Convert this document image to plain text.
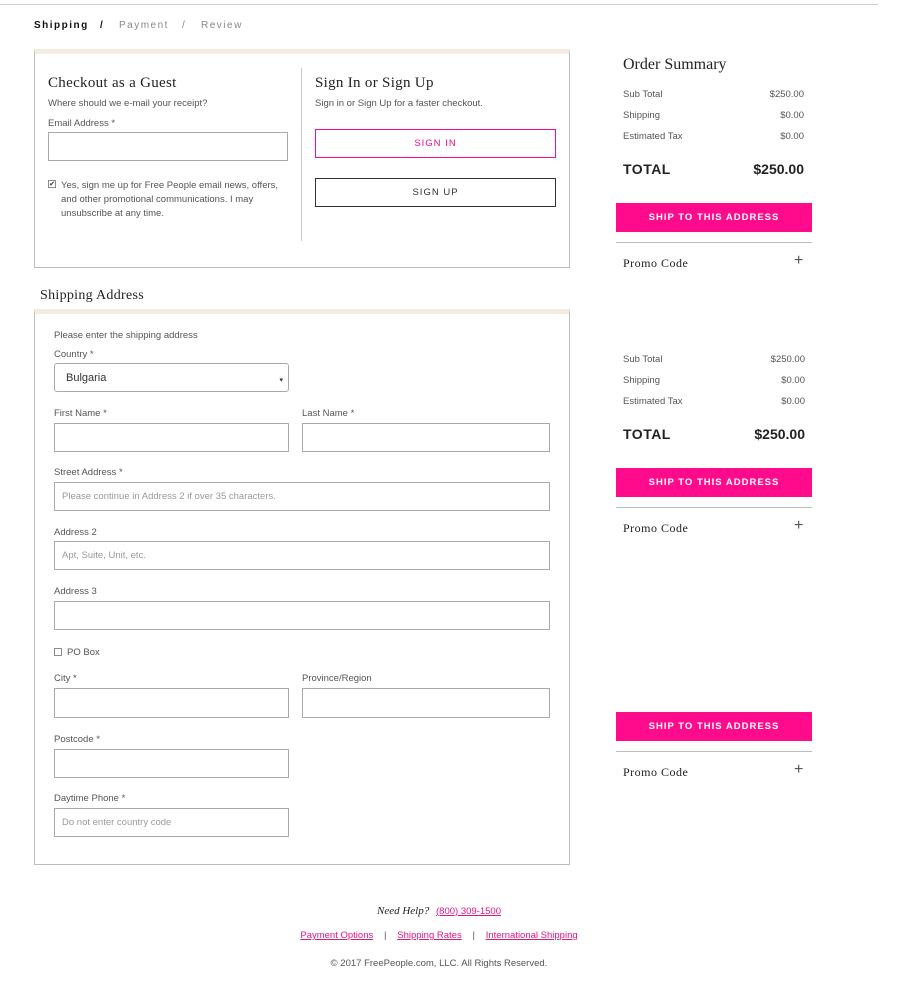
Shipping / Payment / Review
Checkout as a Guest
Where should we e-mail your receipt?
Email Address *
✔ Yes, sign me up for Free People email news, offers,
and other promotional communications. I may
unsubscribe at any time.
Sign In or Sign Up
Sign in or Sign Up for a faster checkout.
SIGN IN
SIGN UP
Shipping Address
Please enter the shipping address
Country *
Bulgaria	▾
First Name *	Last Name *
Street Address *
Please continue in Address 2 if over 35 characters.
Address 2
Apt, Suite, Unit, etc.
Address 3
PO Box
City *	Province/Region
Postcode *
Daytime Phone *
Do not enter country code
Order Summary
Sub Total	$250.00
Shipping	$0.00
Estimated Tax	$0.00
TOTAL	$250.00
SHIP TO THIS ADDRESS
Promo Code	+
Sub Total	$250.00
Shipping	$0.00
Estimated Tax	$0.00
TOTAL	$250.00
SHIP TO THIS ADDRESS
Promo Code	+
SHIP TO THIS ADDRESS
Promo Code	+
Need Help? (800) 309-1500
Payment Options | Shipping Rates | International Shipping
© 2017 FreePeople.com, LLC. All Rights Reserved.
